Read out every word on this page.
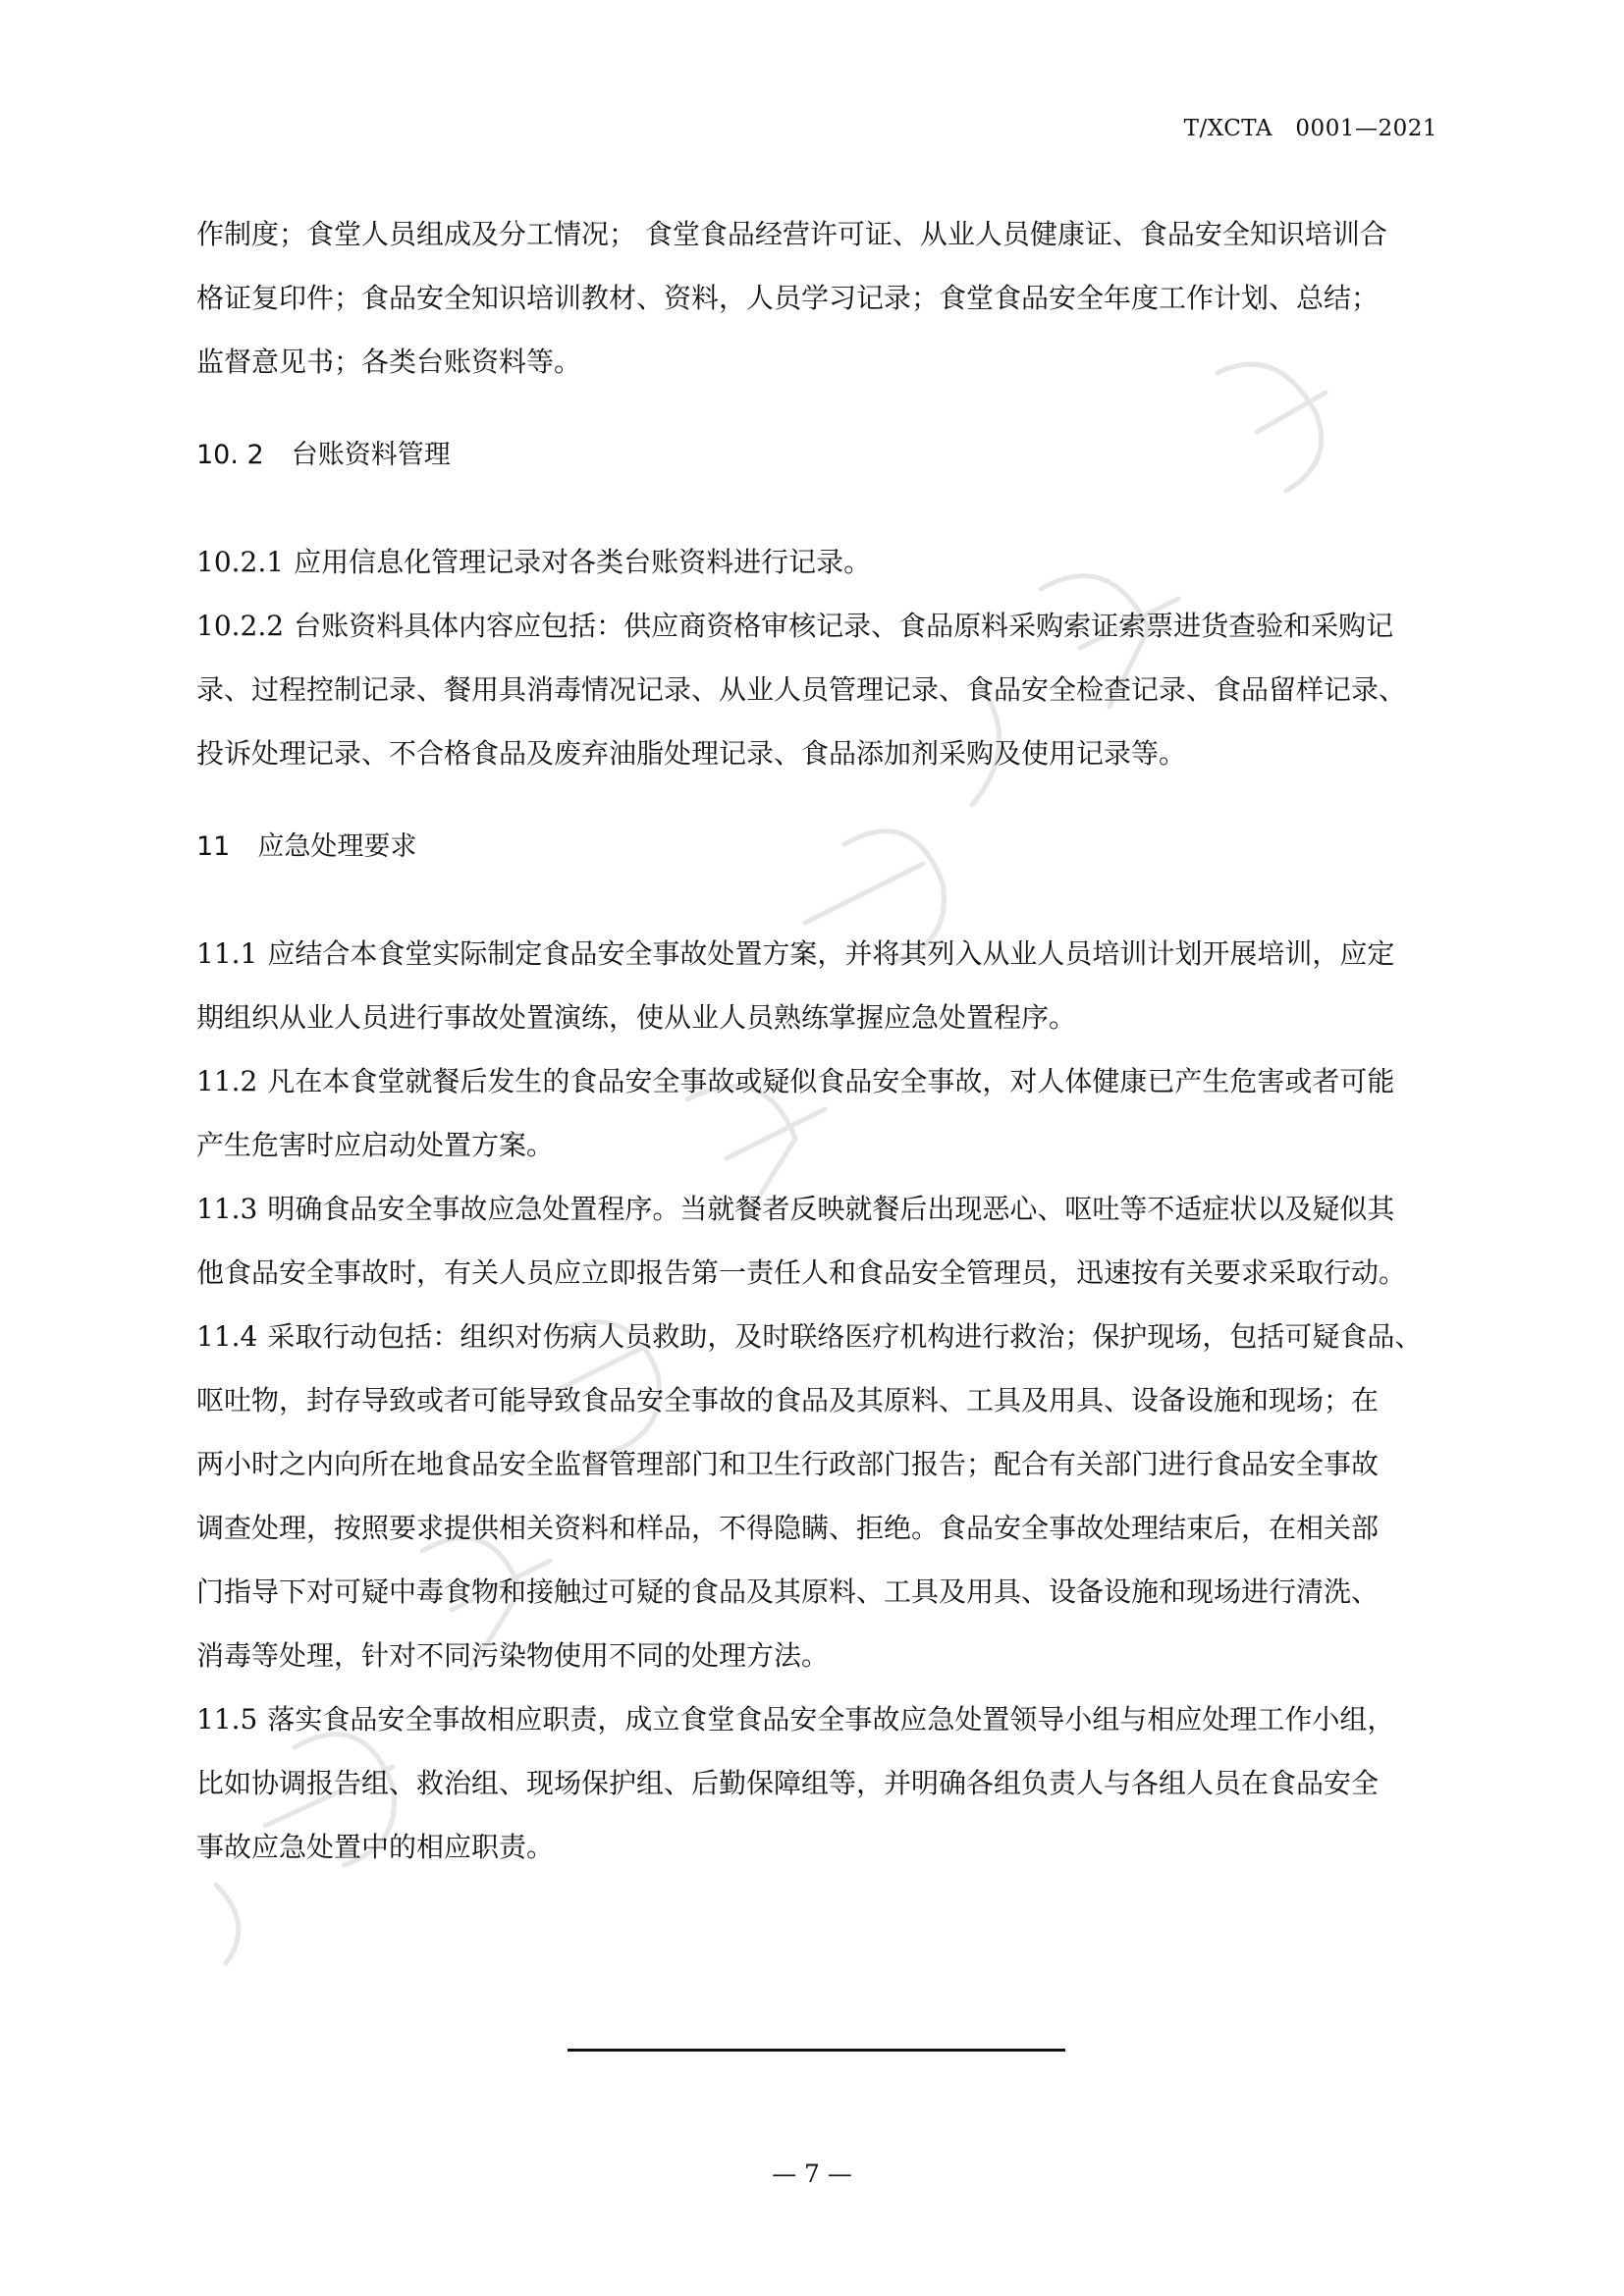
T/XCTA   0001—2021

作制度；食堂人员组成及分工情况； 食堂食品经营许可证、从业人员健康证、食品安全知识培训合

格证复印件；食品安全知识培训教材、资料，人员学习记录；食堂食品安全年度工作计划、总结；

监督意见书；各类台账资料等。

10. 2 台账资料管理

10.2.1 应用信息化管理记录对各类台账资料进行记录。

10.2.2 台账资料具体内容应包括：供应商资格审核记录、食品原料采购索证索票进货查验和采购记

录、过程控制记录、餐用具消毒情况记录、从业人员管理记录、食品安全检查记录、食品留样记录、

投诉处理记录、不合格食品及废弃油脂处理记录、食品添加剂采购及使用记录等。

11 应急处理要求

11.1 应结合本食堂实际制定食品安全事故处置方案，并将其列入从业人员培训计划开展培训，应定

期组织从业人员进行事故处置演练，使从业人员熟练掌握应急处置程序。

11.2 凡在本食堂就餐后发生的食品安全事故或疑似食品安全事故，对人体健康已产生危害或者可能

产生危害时应启动处置方案。

11.3 明确食品安全事故应急处置程序。当就餐者反映就餐后出现恶心、呕吐等不适症状以及疑似其

他食品安全事故时，有关人员应立即报告第一责任人和食品安全管理员，迅速按有关要求采取行动。

11.4 采取行动包括：组织对伤病人员救助，及时联络医疗机构进行救治；保护现场，包括可疑食品、

呕吐物，封存导致或者可能导致食品安全事故的食品及其原料、工具及用具、设备设施和现场；在

两小时之内向所在地食品安全监督管理部门和卫生行政部门报告；配合有关部门进行食品安全事故

调查处理，按照要求提供相关资料和样品，不得隐瞒、拒绝。食品安全事故处理结束后，在相关部

门指导下对可疑中毒食物和接触过可疑的食品及其原料、工具及用具、设备设施和现场进行清洗、

消毒等处理，针对不同污染物使用不同的处理方法。

11.5 落实食品安全事故相应职责，成立食堂食品安全事故应急处置领导小组与相应处理工作小组，

比如协调报告组、救治组、现场保护组、后勤保障组等，并明确各组负责人与各组人员在食品安全

事故应急处置中的相应职责。

— 7 —
